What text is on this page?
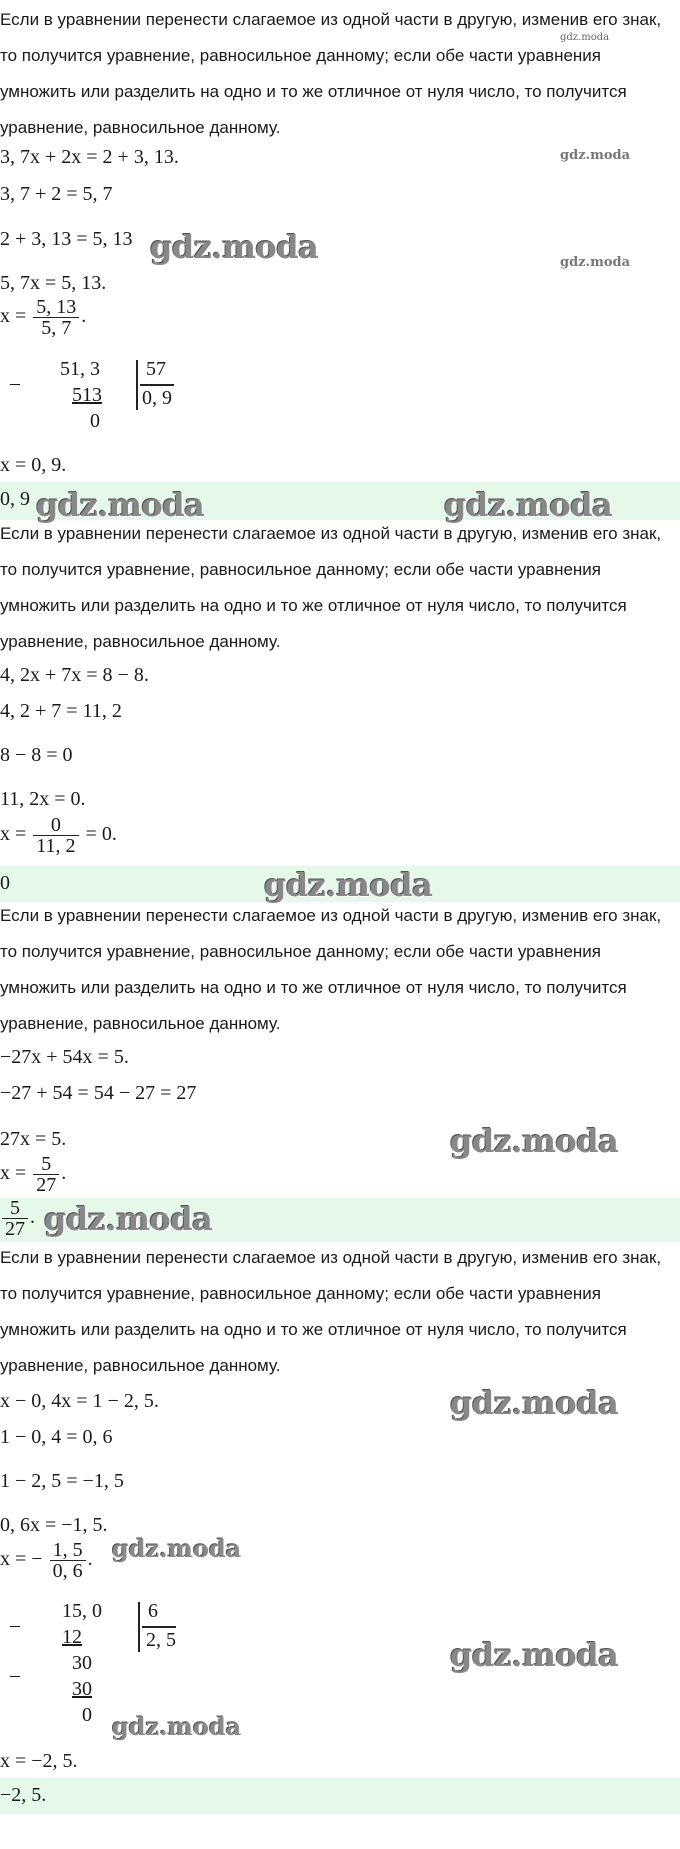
Если в уравнении перенести слагаемое из одной части в другую, изменив его знак, то получится уравнение, равносильное данному; если обе части уравнения умножить или разделить на одно и то же отличное от нуля число, то получится уравнение, равносильное данному.
gdz.moda
3, 7x + 2x = 2 + 3, 13.	gdz.moda
3, 7 + 2 = 5, 7
2 + 3, 13 = 5, 13 gdz.moda	gdz.moda
5, 7x = 5, 13.
$x = \frac{5, 13}{5, 7}$ .
–
51, 3
513
0
57
0, 9
x = 0, 9.
0, 9 gdz.moda	gdz.moda
Если в уравнении перенести слагаемое из одной части в другую, изменив его знак, то получится уравнение, равносильное данному; если обе части уравнения умножить или разделить на одно и то же отличное от нуля число, то получится уравнение, равносильное данному.
4, 2x + 7x = 8 − 8.
4, 2 + 7 = 11, 2
8 − 8 = 0
11, 2x = 0.
$x = \frac{0}{11, 2} = 0$.
0	gdz.moda
Если в уравнении перенести слагаемое из одной части в другую, изменив его знак, то получится уравнение, равносильное данному; если обе части уравнения умножить или разделить на одно и то же отличное от нуля число, то получится уравнение, равносильное данному.
−27x + 54x = 5.
−27 + 54 = 54 − 27 = 27
27x = 5.	gdz.moda
$x = \frac{5}{27}$ .
$\frac{5}{27}$ . gdz.moda
Если в уравнении перенести слагаемое из одной части в другую, изменив его знак, то получится уравнение, равносильное данному; если обе части уравнения умножить или разделить на одно и то же отличное от нуля число, то получится уравнение, равносильное данному.
x − 0, 4x = 1 − 2, 5.	gdz.moda
1 − 0, 4 = 0, 6
1 − 2, 5 = −1, 5
0, 6x = −1, 5.
gdz.moda
x = − $\frac{1, 5}{0, 6}$ .
–
15, 0
12
–
30
30
0
6
2, 5	gdz.moda
gdz.moda
x = −2, 5.
−2, 5.
